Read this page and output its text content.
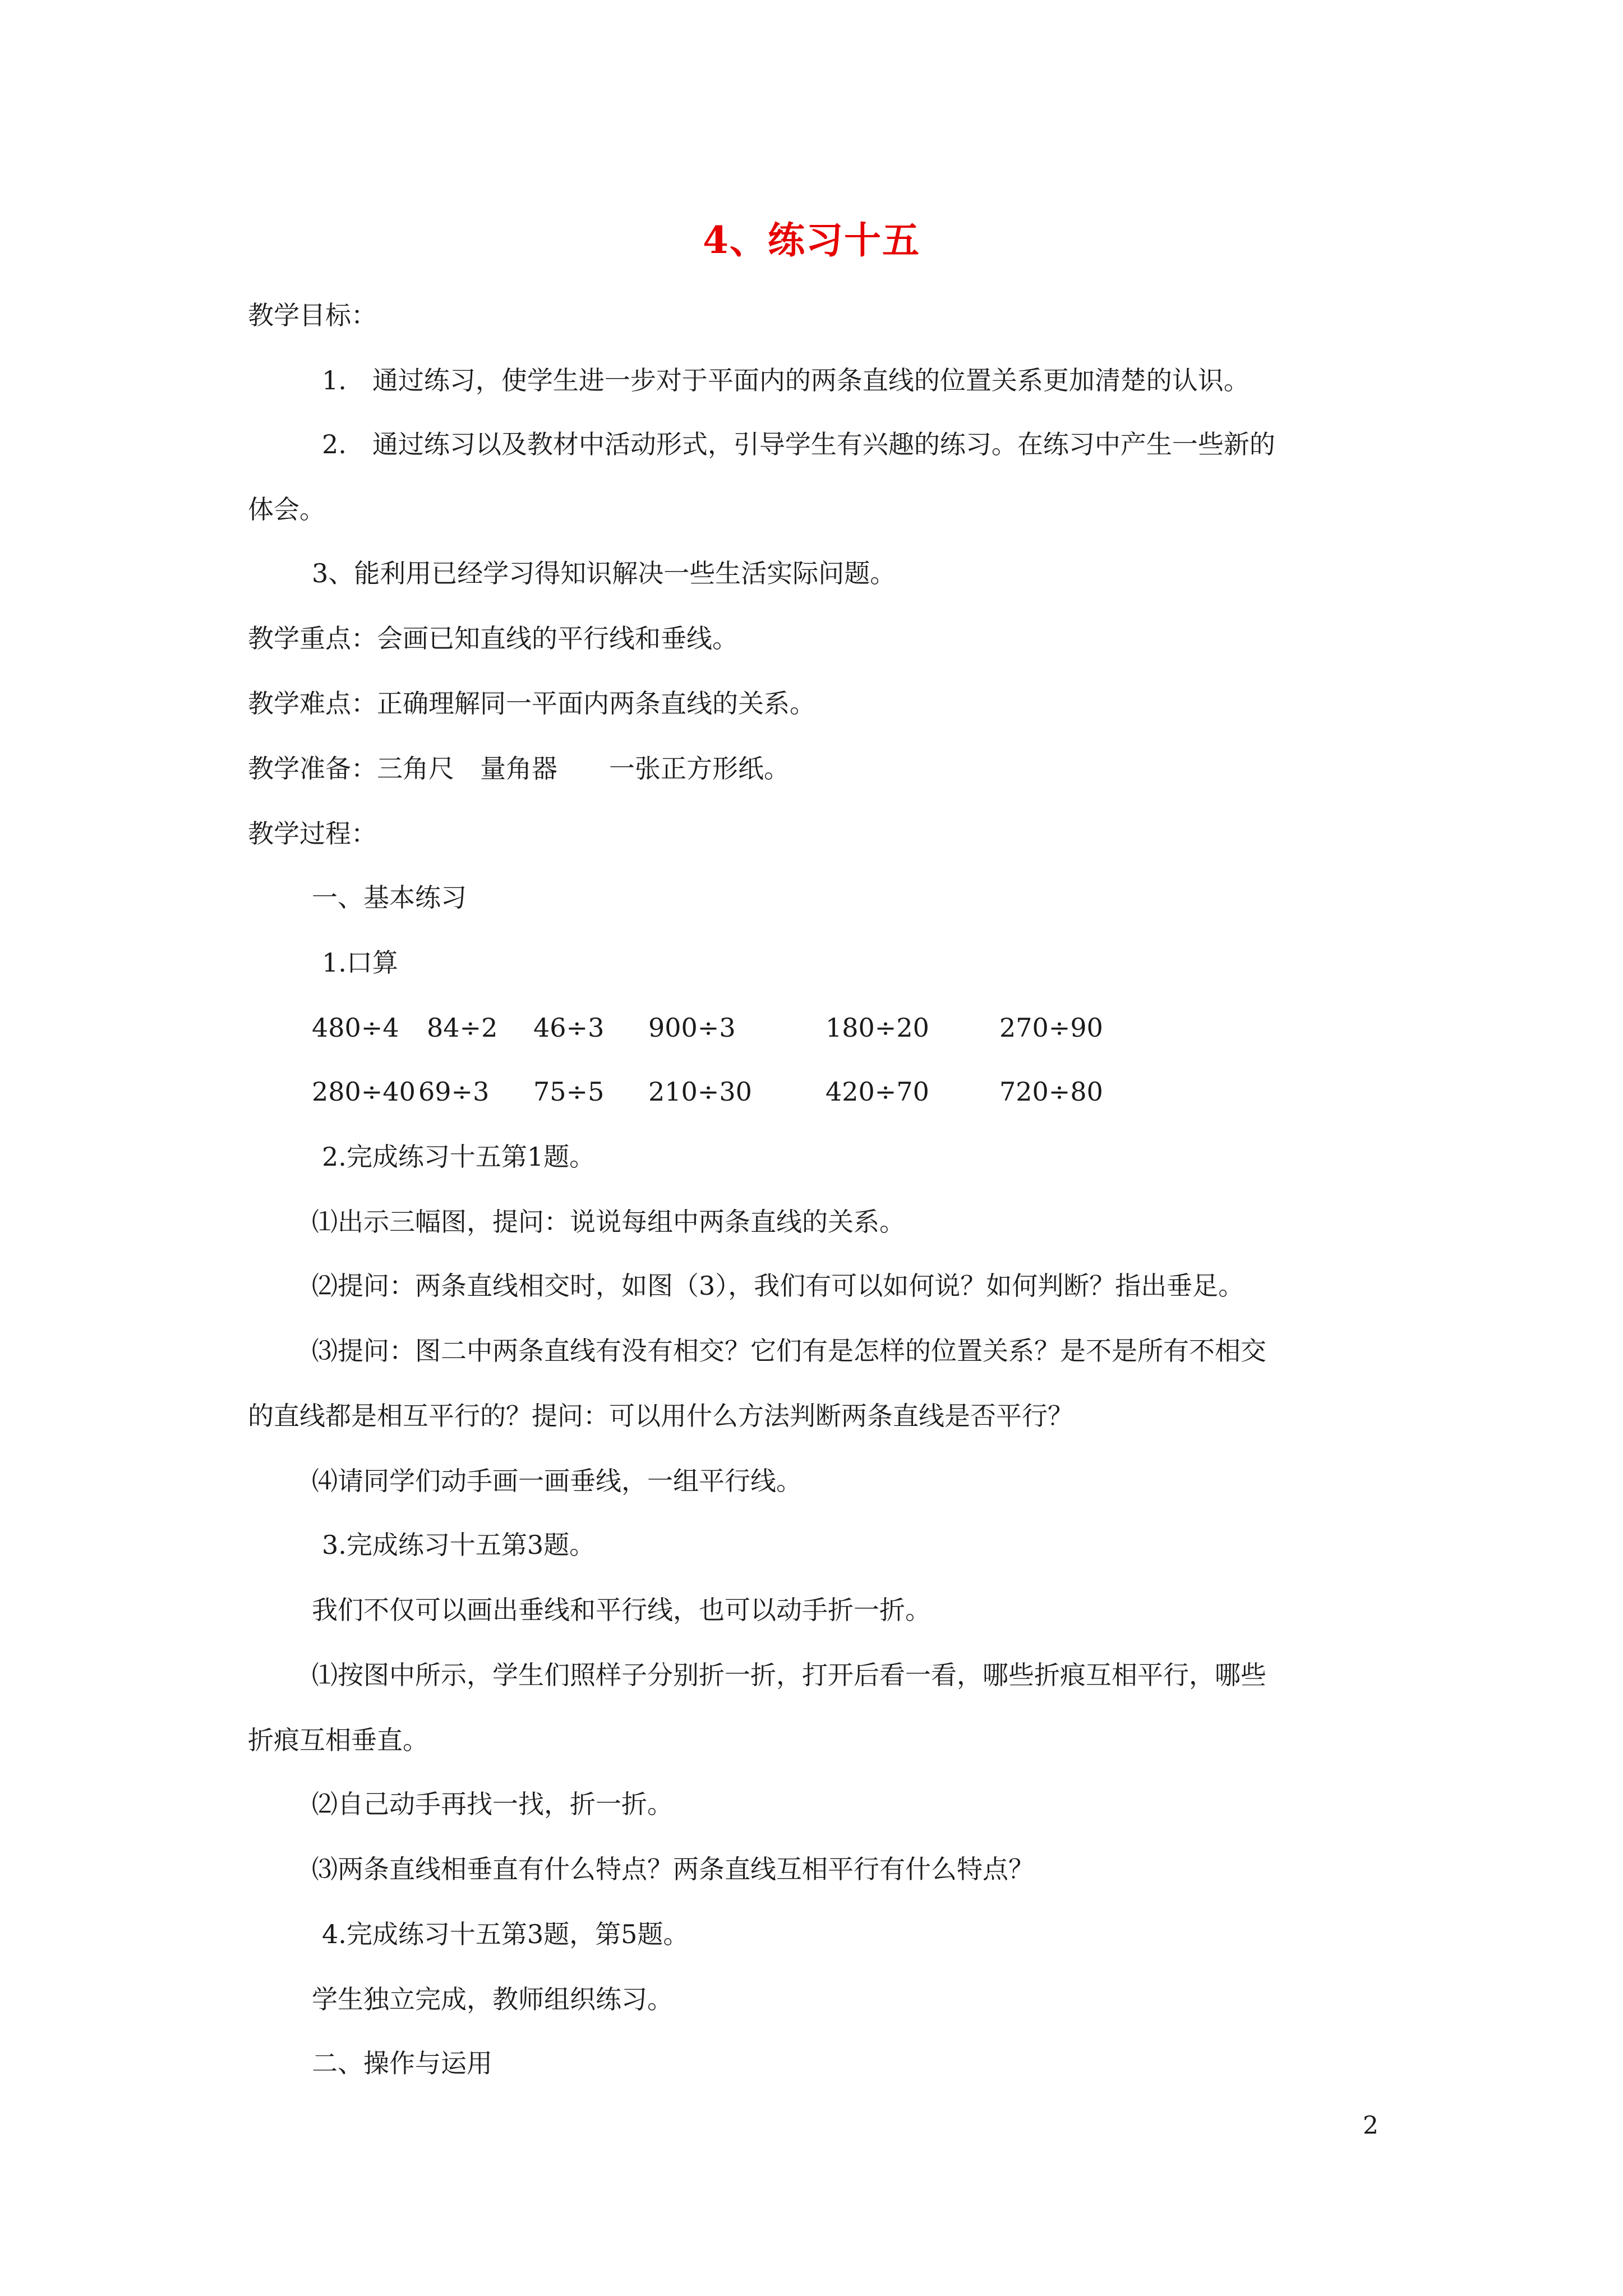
4、练习十五
教学目标：
1.　通过练习，使学生进一步对于平面内的两条直线的位置关系更加清楚的认识。
2.　通过练习以及教材中活动形式，引导学生有兴趣的练习。在练习中产生一些新的
体会。
3、能利用已经学习得知识解决一些生活实际问题。
教学重点：会画已知直线的平行线和垂线。
教学难点：正确理解同一平面内两条直线的关系。
教学准备：三角尺　量角器　　一张正方形纸。
教学过程：
一、基本练习
1.口算
480÷4 84÷2 46÷3 900÷3	180÷20	270÷90
280÷40 69÷3 75÷5 210÷30	420÷70	720÷80
2.完成练习十五第1题。
⑴出示三幅图，提问：说说每组中两条直线的关系。
⑵提问：两条直线相交时，如图（3），我们有可以如何说？如何判断？指出垂足。
⑶提问：图二中两条直线有没有相交？它们有是怎样的位置关系？是不是所有不相交
的直线都是相互平行的？提问：可以用什么方法判断两条直线是否平行？
⑷请同学们动手画一画垂线，一组平行线。
3.完成练习十五第3题。
我们不仅可以画出垂线和平行线，也可以动手折一折。
⑴按图中所示，学生们照样子分别折一折，打开后看一看，哪些折痕互相平行，哪些
折痕互相垂直。
⑵自己动手再找一找，折一折。
⑶两条直线相垂直有什么特点？两条直线互相平行有什么特点？
4.完成练习十五第3题，第5题。
学生独立完成，教师组织练习。
二、操作与运用
2
